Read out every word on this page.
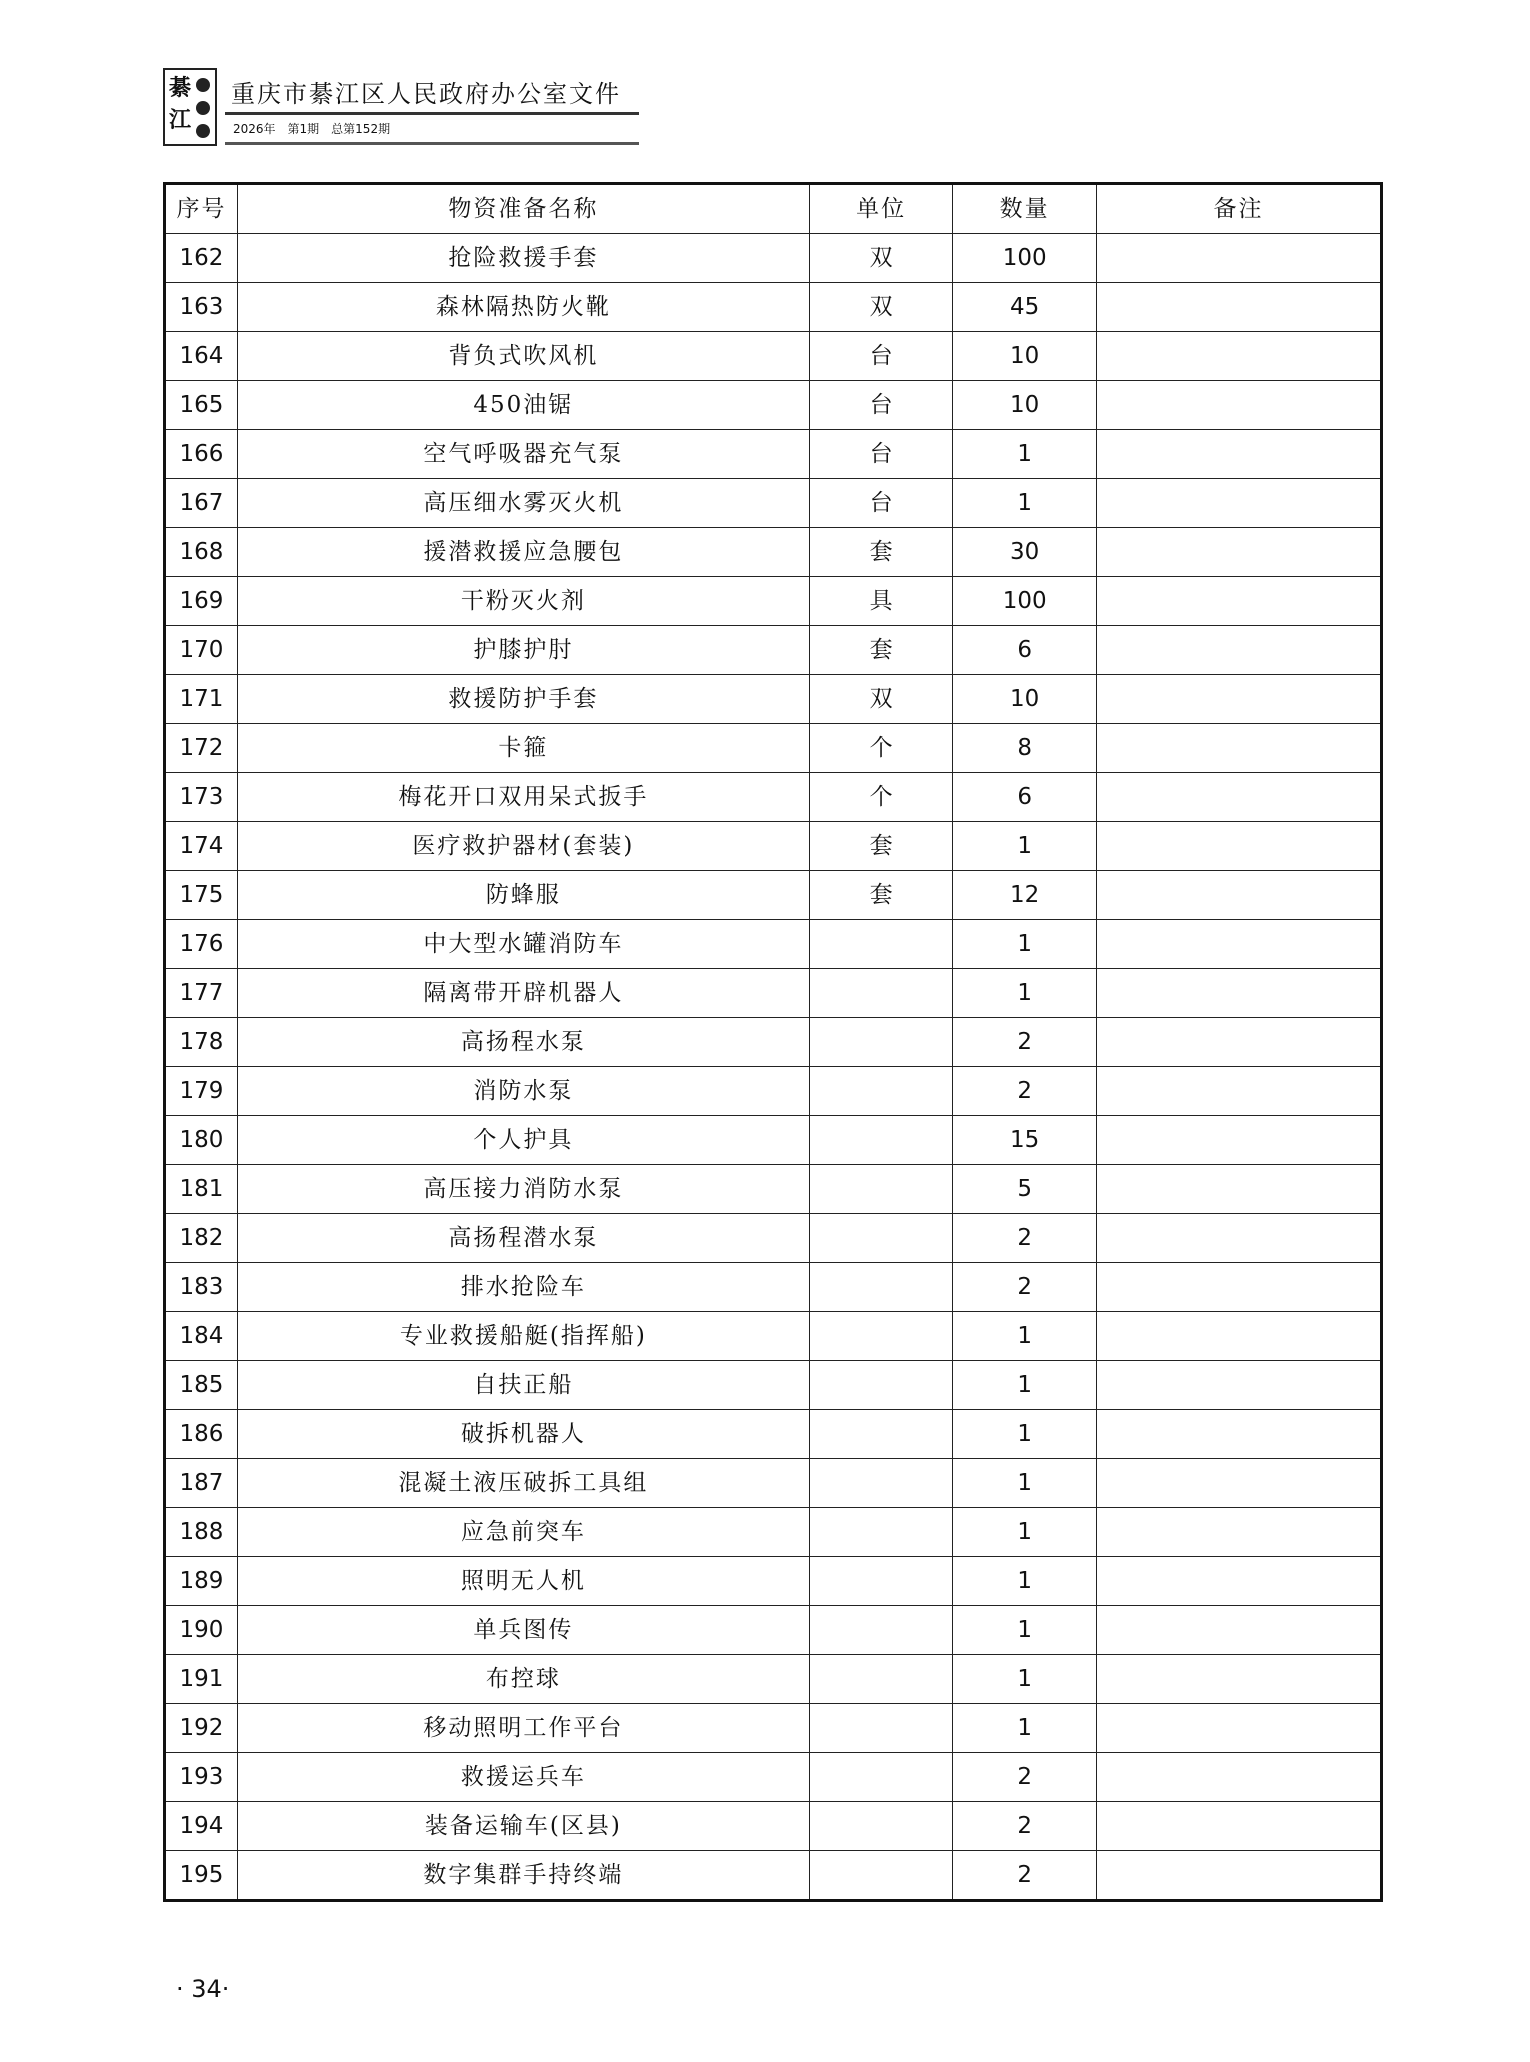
綦
江
重庆市綦江区人民政府办公室文件
2026年　第1期　总第152期
序号	物资准备名称	单位	数量	备注
162	抢险救援手套	双	100	
163	森林隔热防火靴	双	45	
164	背负式吹风机	台	10	
165	450油锯	台	10	
166	空气呼吸器充气泵	台	1	
167	高压细水雾灭火机	台	1	
168	援潜救援应急腰包	套	30	
169	干粉灭火剂	具	100	
170	护膝护肘	套	6	
171	救援防护手套	双	10	
172	卡箍	个	8	
173	梅花开口双用呆式扳手	个	6	
174	医疗救护器材(套装)	套	1	
175	防蜂服	套	12	
176	中大型水罐消防车		1	
177	隔离带开辟机器人		1	
178	高扬程水泵		2	
179	消防水泵		2	
180	个人护具		15	
181	高压接力消防水泵		5	
182	高扬程潜水泵		2	
183	排水抢险车		2	
184	专业救援船艇(指挥船)		1	
185	自扶正船		1	
186	破拆机器人		1	
187	混凝土液压破拆工具组		1	
188	应急前突车		1	
189	照明无人机		1	
190	单兵图传		1	
191	布控球		1	
192	移动照明工作平台		1	
193	救援运兵车		2	
194	装备运输车(区县)		2	
195	数字集群手持终端		2	
· 34·
